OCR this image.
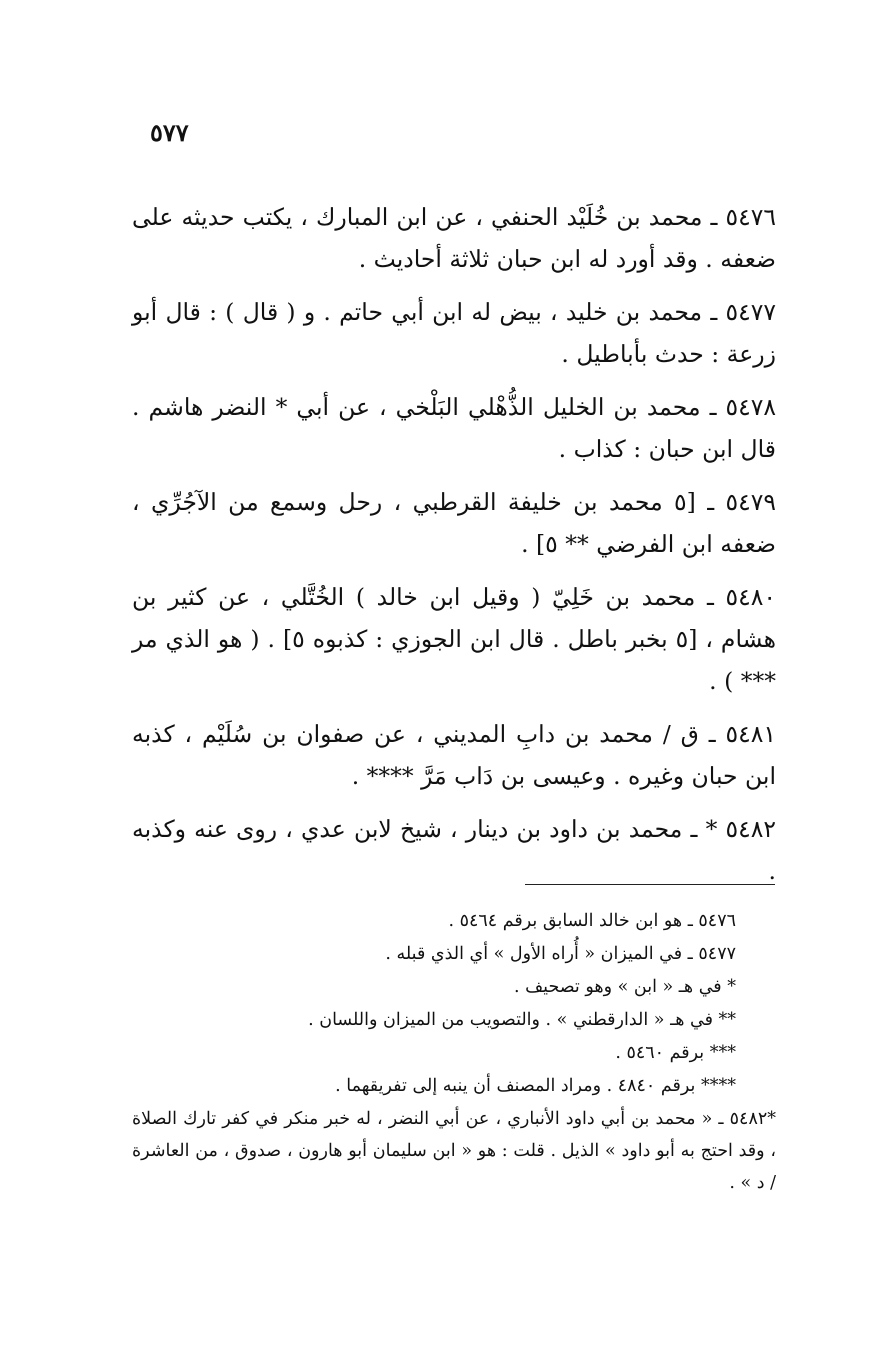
٥٧٧

٥٤٧٦ ـ محمد بن خُلَيْد الحنفي ، عن ابن المبارك ، يكتب حديثه على ضعفه . وقد أورد له ابن حبان ثلاثة أحاديث .

٥٤٧٧ ـ محمد بن خليد ، بيض له ابن أبي حاتم . و ( قال ) : قال أبو زرعة : حدث بأباطيل .

٥٤٧٨ ـ محمد بن الخليل الذُّهْلي البَلْخي ، عن أبي * النضر هاشم . قال ابن حبان : كذاب .

٥٤٧٩ ـ [٥ محمد بن خليفة القرطبي ، رحل وسمع من الآجُرِّي ، ضعفه ابن الفرضي ** ٥] .

٥٤٨٠ ـ محمد بن خَلِيّ ( وقيل ابن خالد ) الخُتَّلي ، عن كثير بن هشام ، [٥ بخبر باطل . قال ابن الجوزي : كذبوه ٥] . ( هو الذي مر *** ) .

٥٤٨١ ـ ق / محمد بن دابِ المديني ، عن صفوان بن سُلَيْم ، كذبه ابن حبان وغيره . وعيسى بن دَاب مَرَّ **** .

٥٤٨٢ * ـ محمد بن داود بن دينار ، شيخ لابن عدي ، روى عنه وكذبه .

٥٤٧٦ ـ هو ابن خالد السابق برقم ٥٤٦٤ .

٥٤٧٧ ـ في الميزان « أُراه الأول » أي الذي قبله .

* في هـ « ابن » وهو تصحيف .

** في هـ « الدارقطني » . والتصويب من الميزان واللسان .

*** برقم ٥٤٦٠ .

**** برقم ٤٨٤٠ . ومراد المصنف أن ينبه إلى تفريقهما .

*٥٤٨٢ ـ « محمد بن أبي داود الأنباري ، عن أبي النضر ، له خبر منكر في كفر تارك الصلاة ، وقد احتج به أبو داود » الذيل . قلت : هو « ابن سليمان أبو هارون ، صدوق ، من العاشرة / د » .
